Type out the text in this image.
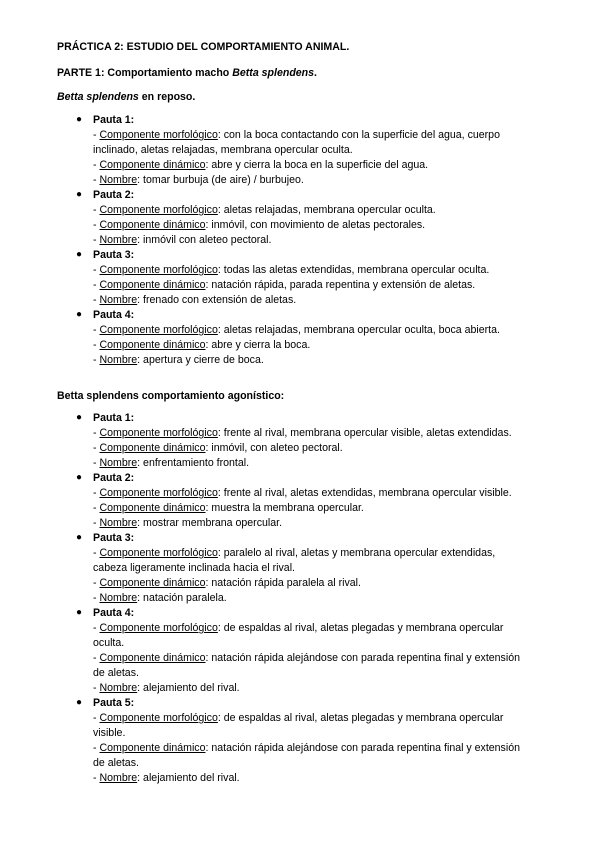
PRÁCTICA 2: ESTUDIO DEL COMPORTAMIENTO ANIMAL.
PARTE 1: Comportamiento macho Betta splendens.
Betta splendens en reposo.
● Pauta 1:
- Componente morfológico: con la boca contactando con la superficie del agua, cuerpo
inclinado, aletas relajadas, membrana opercular oculta.
- Componente dinámico: abre y cierra la boca en la superficie del agua.
- Nombre: tomar burbuja (de aire) / burbujeo.
● Pauta 2:
- Componente morfológico: aletas relajadas, membrana opercular oculta.
- Componente dinámico: inmóvil, con movimiento de aletas pectorales.
- Nombre: inmóvil con aleteo pectoral.
● Pauta 3:
- Componente morfológico: todas las aletas extendidas, membrana opercular oculta.
- Componente dinámico: natación rápida, parada repentina y extensión de aletas.
- Nombre: frenado con extensión de aletas.
● Pauta 4:
- Componente morfológico: aletas relajadas, membrana opercular oculta, boca abierta.
- Componente dinámico: abre y cierra la boca.
- Nombre: apertura y cierre de boca.
Betta splendens comportamiento agonístico:
● Pauta 1:
- Componente morfológico: frente al rival, membrana opercular visible, aletas extendidas.
- Componente dinámico: inmóvil, con aleteo pectoral.
- Nombre: enfrentamiento frontal.
● Pauta 2:
- Componente morfológico: frente al rival, aletas extendidas, membrana opercular visible.
- Componente dinámico: muestra la membrana opercular.
- Nombre: mostrar membrana opercular.
● Pauta 3:
- Componente morfológico: paralelo al rival, aletas y membrana opercular extendidas,
cabeza ligeramente inclinada hacia el rival.
- Componente dinámico: natación rápida paralela al rival.
- Nombre: natación paralela.
● Pauta 4:
- Componente morfológico: de espaldas al rival, aletas plegadas y membrana opercular
oculta.
- Componente dinámico: natación rápida alejándose con parada repentina final y extensión
de aletas.
- Nombre: alejamiento del rival.
● Pauta 5:
- Componente morfológico: de espaldas al rival, aletas plegadas y membrana opercular
visible.
- Componente dinámico: natación rápida alejándose con parada repentina final y extensión
de aletas.
- Nombre: alejamiento del rival.
